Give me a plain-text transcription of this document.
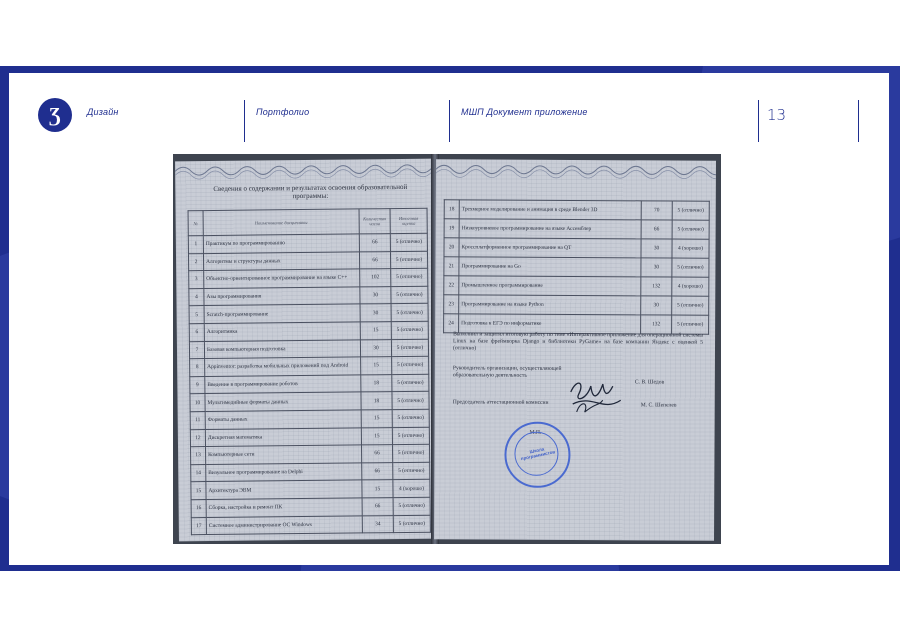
Ʒ	Дизайн	Портфолио	МШП Документ приложение	13
Сведения о содержании и результатах освоения образовательной программы:
№	Наименование дисциплины	Количество часов	Итоговая оценка
1	Практикум по программированию	66	5 (отлично)
2	Алгоритмы и структуры данных	66	5 (отлично)
3	Объектно-ориентированное программирование на языке C++	102	5 (отлично)
4	Азы программирования	30	5 (отлично)
5	Scratch-программирование	30	5 (отлично)
6	Алгоритмика	15	5 (отлично)
7	Базовая компьютерная подготовка	30	5 (отлично)
8	Appinventor: разработка мобильных приложений под Android	15	5 (отлично)
9	Введение в программирование роботов	18	5 (отлично)
10	Мультимедийные форматы данных	18	5 (отлично)
11	Форматы данных	15	5 (отлично)
12	Дискретная математика	15	5 (отлично)
13	Компьютерные сети	66	5 (отлично)
14	Визуальное программирование на Delphi	66	5 (отлично)
15	Архитектура ЭВМ	15	4 (хорошо)
16	Сборка, настройка и ремонт ПК	66	5 (отлично)
17	Системное администрирование ОС Windows	34	5 (отлично)
18	Трехмерное моделирование и анимация в среде Blender 3D	70	5 (отлично)
19	Низкоуровневое программирование на языке Ассемблер	66	5 (отлично)
20	Кроссплатформенное программирование на QT	30	4 (хорошо)
21	Программирование на Go	30	5 (отлично)
22	Промышленное программирование	132	4 (хорошо)
23	Программирование на языке Python	30	5 (отлично)
24	Подготовка к ЕГЭ по информатике	132	5 (отлично)
Выполнил и защитил итоговую работу по теме «Интерактивное приложение для операционной системы Linux на базе фреймворка Django и библиотеки PyGame» на базе компании Яндекс с оценкой 5 (отлично)
Руководитель организации, осуществляющей образовательную деятельность
С. В. Шедов
Председатель аттестационной комиссии	М. С. Шепелев
М.П.
Школа программистов
